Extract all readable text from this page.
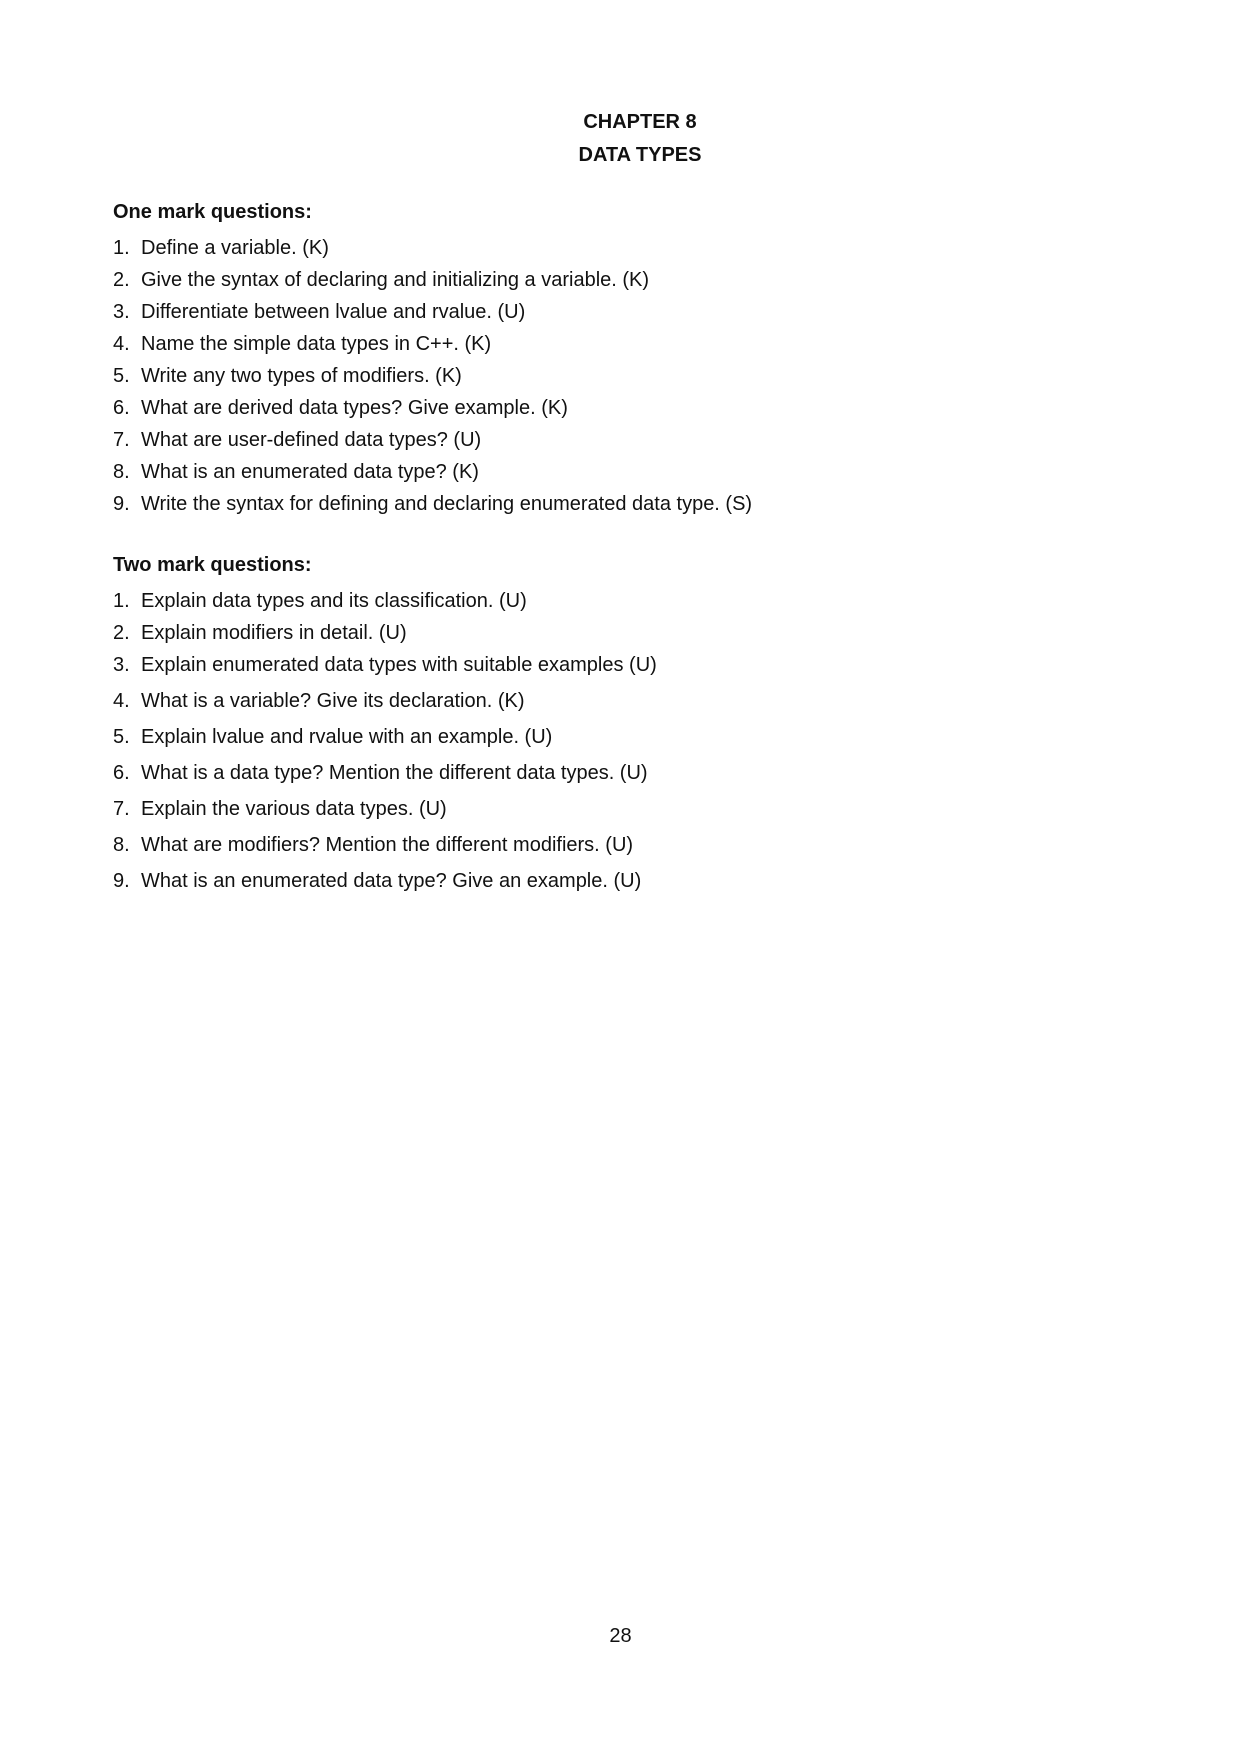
CHAPTER 8
DATA TYPES
One mark questions:
1. Define a variable. (K)
2. Give the syntax of declaring and initializing a variable. (K)
3. Differentiate between lvalue and rvalue. (U)
4. Name the simple data types in C++. (K)
5. Write any two types of modifiers. (K)
6. What are derived data types? Give example. (K)
7. What are user-defined data types? (U)
8. What is an enumerated data type? (K)
9. Write the syntax for defining and declaring enumerated data type. (S)
Two mark questions:
1. Explain data types and its classification. (U)
2. Explain modifiers in detail. (U)
3. Explain enumerated data types with suitable examples (U)
4. What is a variable? Give its declaration. (K)
5. Explain lvalue and rvalue with an example. (U)
6. What is a data type? Mention the different data types. (U)
7. Explain the various data types. (U)
8. What are modifiers? Mention the different modifiers. (U)
9. What is an enumerated data type? Give an example. (U)
28
